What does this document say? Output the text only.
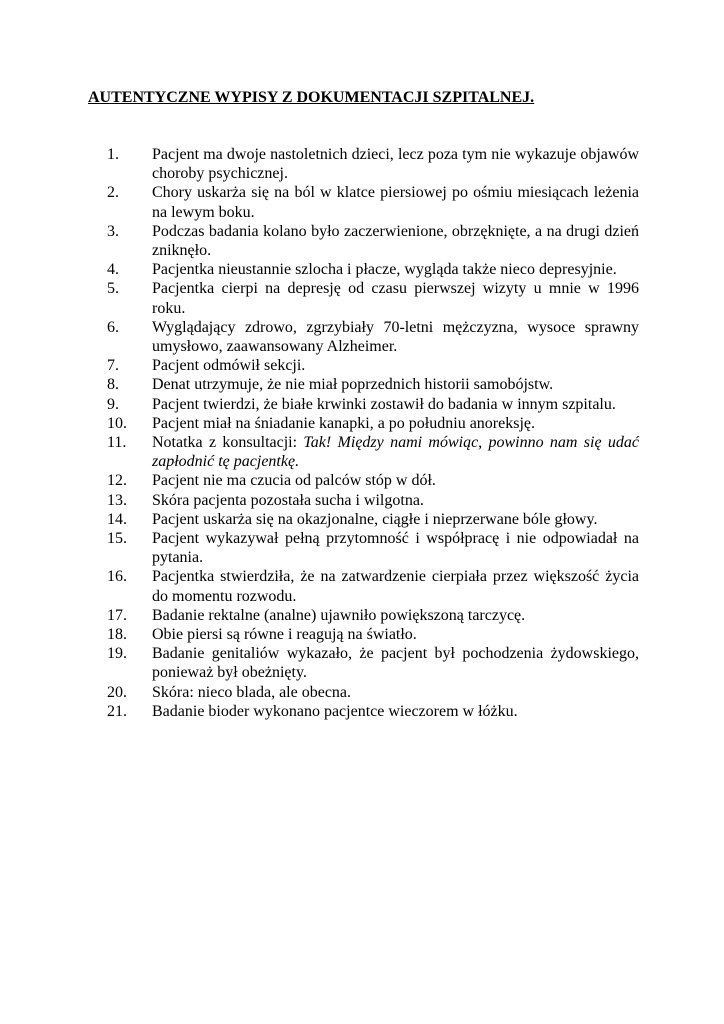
AUTENTYCZNE WYPISY Z DOKUMENTACJI SZPITALNEJ.
1.	Pacjent ma dwoje nastoletnich dzieci, lecz poza tym nie wykazuje objawów choroby psychicznej.
2.	Chory uskarża się na ból w klatce piersiowej po ośmiu miesiącach leżenia na lewym boku.
3.	Podczas badania kolano było zaczerwienione, obrzęknięte, a na drugi dzień zniknęło.
4.	Pacjentka nieustannie szlocha i płacze, wygląda także nieco depresyjnie.
5.	Pacjentka cierpi na depresję od czasu pierwszej wizyty u mnie w 1996 roku.
6.	Wyglądający zdrowo, zgrzybiały 70-letni mężczyzna, wysoce sprawny umysłowo, zaawansowany Alzheimer.
7.	Pacjent odmówił sekcji.
8.	Denat utrzymuje, że nie miał poprzednich historii samobójstw.
9.	Pacjent twierdzi, że białe krwinki zostawił do badania w innym szpitalu.
10.	Pacjent miał na śniadanie kanapki, a po południu anoreksję.
11.	Notatka z konsultacji: Tak! Między nami mówiąc, powinno nam się udać zapłodnić tę pacjentkę.
12.	Pacjent nie ma czucia od palców stóp w dół.
13.	Skóra pacjenta pozostała sucha i wilgotna.
14.	Pacjent uskarża się na okazjonalne, ciągłe i nieprzerwane bóle głowy.
15.	Pacjent wykazywał pełną przytomność i współpracę i nie odpowiadał na pytania.
16.	Pacjentka stwierdziła, że na zatwardzenie cierpiała przez większość życia do momentu rozwodu.
17.	Badanie rektalne (analne) ujawniło powiększoną tarczycę.
18.	Obie piersi są równe i reagują na światło.
19.	Badanie genitaliów wykazało, że pacjent był pochodzenia żydowskiego, ponieważ był obeżnięty.
20.	Skóra: nieco blada, ale obecna.
21.	Badanie bioder wykonano pacjentce wieczorem w łóżku.
